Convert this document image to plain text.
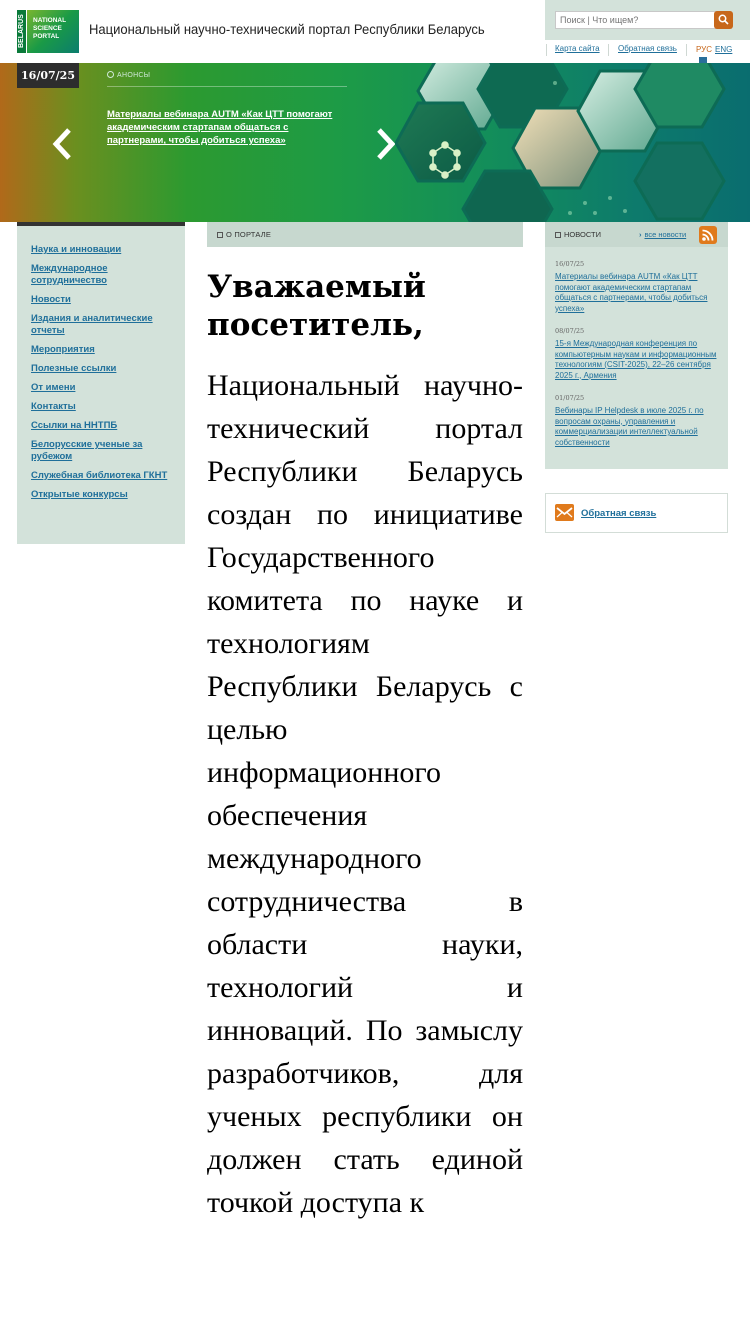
BELARUS	NATIONAL SCIENCE PORTAL	Национальный научно-технический портал Республики Беларусь
Поиск | Что ищем?
Карта сайта Обратная связь РУС ENG
16/07/25	АНОНСЫ
Материалы вебинара AUTM «Как ЦТТ помогают академическим стартапам общаться с партнерами, чтобы добиться успеха»
Наука и инновации
Международное сотрудничество
Новости
Издания и аналитические отчеты
Мероприятия
Полезные ссылки
От имени
Контакты
Ссылки на ННТПБ
Белорусские ученые за рубежом
Служебная библиотека ГКНТ
Открытые конкурсы
О ПОРТАЛЕ
Уважаемый посетитель,
Национальный научно-технический портал Республики Беларусь создан по инициативе Государственного комитета по науке и технологиям Республики Беларусь с целью информационного обеспечения международного сотрудничества в области науки, технологий и инноваций. По замыслу разработчиков, для ученых республики он должен стать единой точкой доступа к
НОВОСТИ
›	все новости
16/07/25
Материалы вебинара AUTM «Как ЦТТ помогают академическим стартапам общаться с партнерами, чтобы добиться успеха»
08/07/25
15-я Международная конференция по компьютерным наукам и информационным технологиям (CSIT-2025), 22–26 сентября 2025 г., Армения
01/07/25
Вебинары IP Helpdesk в июле 2025 г. по вопросам охраны, управления и коммерциализации интеллектуальной собственности
Обратная связь
